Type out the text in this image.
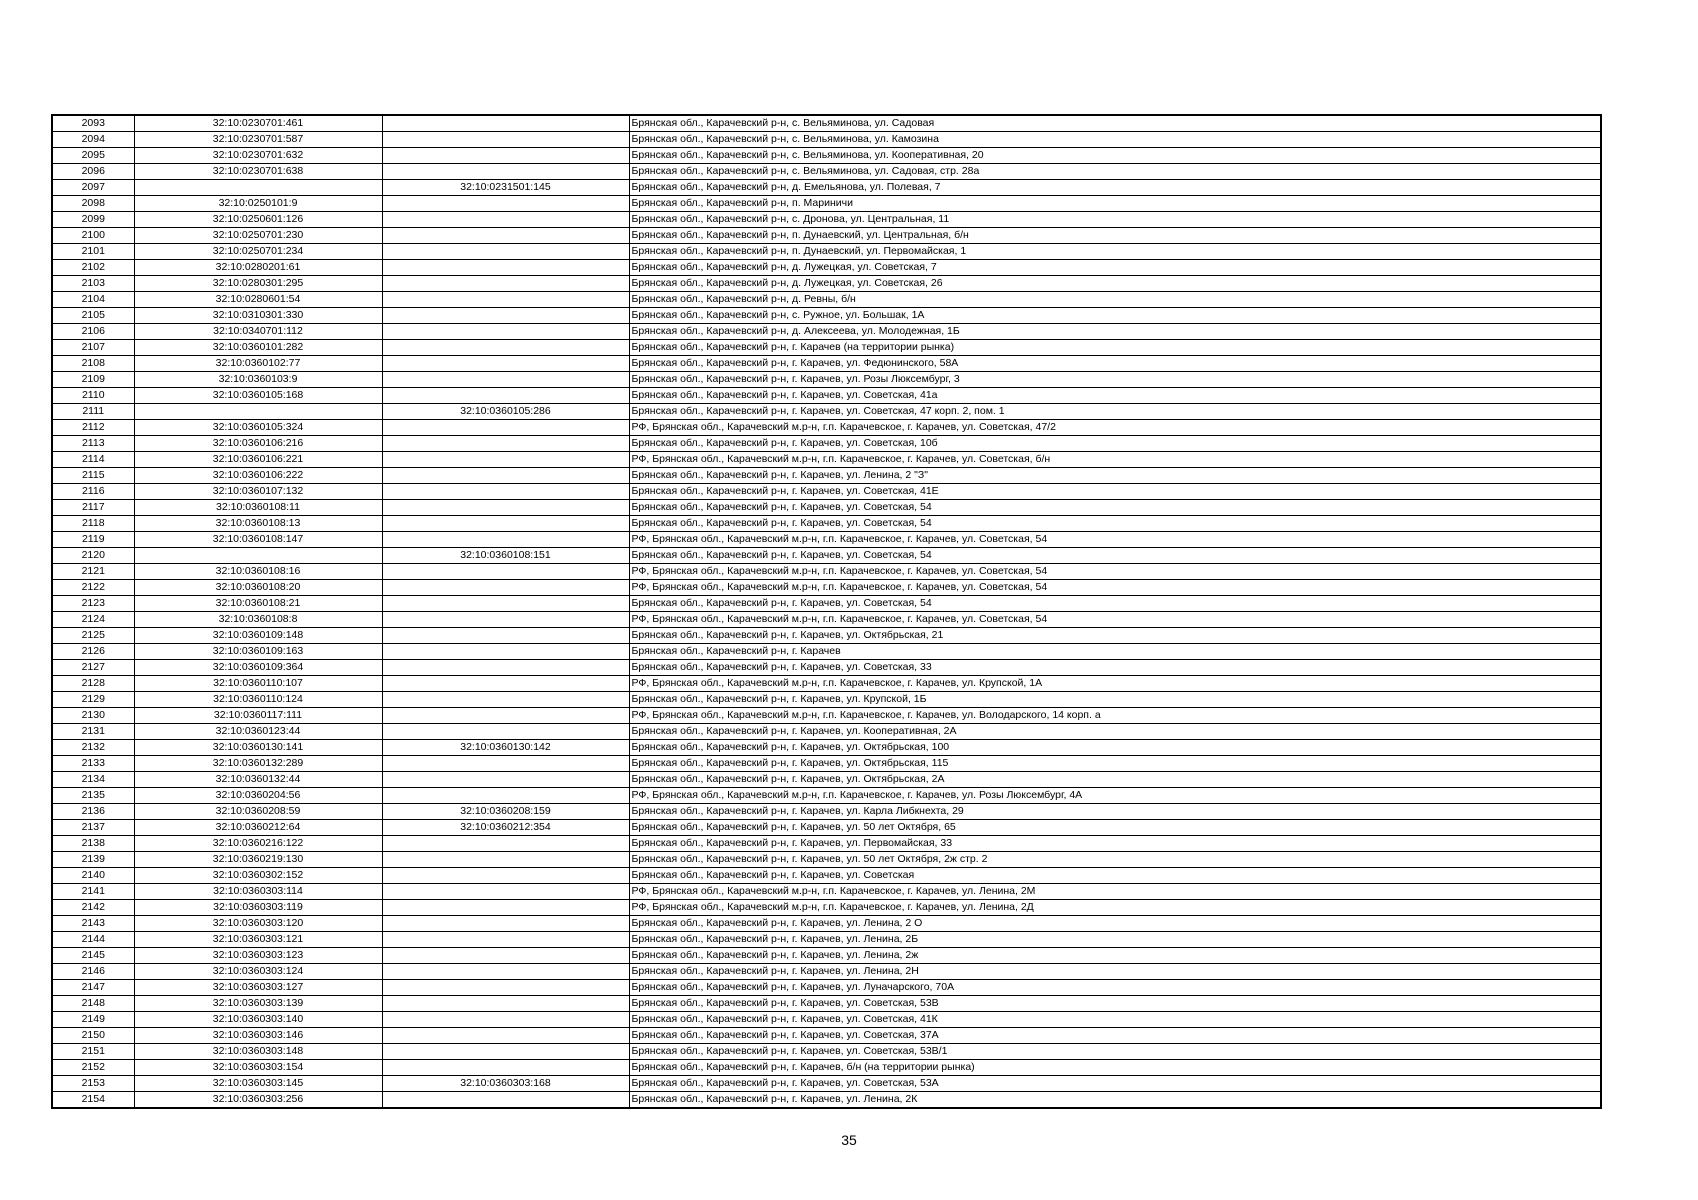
2093	32:10:0230701:461		Брянская обл., Карачевский р-н, с. Вельяминова, ул. Садовая
2094	32:10:0230701:587		Брянская обл., Карачевский р-н, с. Вельяминова, ул. Камозина
2095	32:10:0230701:632		Брянская обл., Карачевский р-н, с. Вельяминова, ул. Кооперативная, 20
2096	32:10:0230701:638		Брянская обл., Карачевский р-н, с. Вельяминова, ул. Садовая, стр. 28а
2097		32:10:0231501:145	Брянская обл., Карачевский р-н, д. Емельянова, ул. Полевая, 7
2098	32:10:0250101:9		Брянская обл., Карачевский р-н, п. Мариничи
2099	32:10:0250601:126		Брянская обл., Карачевский р-н, с. Дронова, ул. Центральная, 11
2100	32:10:0250701:230		Брянская обл., Карачевский р-н, п. Дунаевский, ул. Центральная, б/н
2101	32:10:0250701:234		Брянская обл., Карачевский р-н, п. Дунаевский, ул. Первомайская, 1
2102	32:10:0280201:61		Брянская обл., Карачевский р-н, д. Лужецкая, ул. Советская, 7
2103	32:10:0280301:295		Брянская обл., Карачевский р-н, д. Лужецкая, ул. Советская, 26
2104	32:10:0280601:54		Брянская обл., Карачевский р-н, д. Ревны, б/н
2105	32:10:0310301:330		Брянская обл., Карачевский р-н, с. Ружное, ул. Большак, 1А
2106	32:10:0340701:112		Брянская обл., Карачевский р-н, д. Алексеева, ул. Молодежная, 1Б
2107	32:10:0360101:282		Брянская обл., Карачевский р-н, г. Карачев (на территории рынка)
2108	32:10:0360102:77		Брянская обл., Карачевский р-н, г. Карачев, ул. Федюнинского, 58А
2109	32:10:0360103:9		Брянская обл., Карачевский р-н, г. Карачев, ул. Розы Люксембург, 3
2110	32:10:0360105:168		Брянская обл., Карачевский р-н, г. Карачев, ул. Советская, 41а
2111		32:10:0360105:286	Брянская обл., Карачевский р-н, г. Карачев, ул. Советская, 47 корп. 2, пом. 1
2112	32:10:0360105:324		РФ, Брянская обл., Карачевский м.р-н, г.п. Карачевское, г. Карачев, ул. Советская, 47/2
2113	32:10:0360106:216		Брянская обл., Карачевский р-н, г. Карачев, ул. Советская, 10б
2114	32:10:0360106:221		РФ, Брянская обл., Карачевский м.р-н, г.п. Карачевское, г. Карачев, ул. Советская, б/н
2115	32:10:0360106:222		Брянская обл., Карачевский р-н, г. Карачев, ул. Ленина, 2 "З"
2116	32:10:0360107:132		Брянская обл., Карачевский р-н, г. Карачев, ул. Советская, 41Е
2117	32:10:0360108:11		Брянская обл., Карачевский р-н, г. Карачев, ул. Советская, 54
2118	32:10:0360108:13		Брянская обл., Карачевский р-н, г. Карачев, ул. Советская, 54
2119	32:10:0360108:147		РФ, Брянская обл., Карачевский м.р-н, г.п. Карачевское, г. Карачев, ул. Советская, 54
2120		32:10:0360108:151	Брянская обл., Карачевский р-н, г. Карачев, ул. Советская, 54
2121	32:10:0360108:16		РФ, Брянская обл., Карачевский м.р-н, г.п. Карачевское, г. Карачев, ул. Советская, 54
2122	32:10:0360108:20		РФ, Брянская обл., Карачевский м.р-н, г.п. Карачевское, г. Карачев, ул. Советская, 54
2123	32:10:0360108:21		Брянская обл., Карачевский р-н, г. Карачев, ул. Советская, 54
2124	32:10:0360108:8		РФ, Брянская обл., Карачевский м.р-н, г.п. Карачевское, г. Карачев, ул. Советская, 54
2125	32:10:0360109:148		Брянская обл., Карачевский р-н, г. Карачев, ул. Октябрьская, 21
2126	32:10:0360109:163		Брянская обл., Карачевский р-н, г. Карачев
2127	32:10:0360109:364		Брянская обл., Карачевский р-н, г. Карачев, ул. Советская, 33
2128	32:10:0360110:107		РФ, Брянская обл., Карачевский м.р-н, г.п. Карачевское, г. Карачев, ул. Крупской, 1А
2129	32:10:0360110:124		Брянская обл., Карачевский р-н, г. Карачев, ул. Крупской, 1Б
2130	32:10:0360117:111		РФ, Брянская обл., Карачевский м.р-н, г.п. Карачевское, г. Карачев, ул. Володарского, 14 корп. а
2131	32:10:0360123:44		Брянская обл., Карачевский р-н, г. Карачев, ул. Кооперативная, 2А
2132	32:10:0360130:141	32:10:0360130:142	Брянская обл., Карачевский р-н, г. Карачев, ул. Октябрьская, 100
2133	32:10:0360132:289		Брянская обл., Карачевский р-н, г. Карачев, ул. Октябрьская, 115
2134	32:10:0360132:44		Брянская обл., Карачевский р-н, г. Карачев, ул. Октябрьская, 2А
2135	32:10:0360204:56		РФ, Брянская обл., Карачевский м.р-н, г.п. Карачевское, г. Карачев, ул. Розы Люксембург, 4А
2136	32:10:0360208:59	32:10:0360208:159	Брянская обл., Карачевский р-н, г. Карачев, ул. Карла Либкнехта, 29
2137	32:10:0360212:64	32:10:0360212:354	Брянская обл., Карачевский р-н, г. Карачев, ул. 50 лет Октября, 65
2138	32:10:0360216:122		Брянская обл., Карачевский р-н, г. Карачев, ул. Первомайская, 33
2139	32:10:0360219:130		Брянская обл., Карачевский р-н, г. Карачев, ул. 50 лет Октября, 2ж стр. 2
2140	32:10:0360302:152		Брянская обл., Карачевский р-н, г. Карачев, ул. Советская
2141	32:10:0360303:114		РФ, Брянская обл., Карачевский м.р-н, г.п. Карачевское, г. Карачев, ул. Ленина, 2М
2142	32:10:0360303:119		РФ, Брянская обл., Карачевский м.р-н, г.п. Карачевское, г. Карачев, ул. Ленина, 2Д
2143	32:10:0360303:120		Брянская обл., Карачевский р-н, г. Карачев, ул. Ленина, 2 О
2144	32:10:0360303:121		Брянская обл., Карачевский р-н, г. Карачев, ул. Ленина, 2Б
2145	32:10:0360303:123		Брянская обл., Карачевский р-н, г. Карачев, ул. Ленина, 2ж
2146	32:10:0360303:124		Брянская обл., Карачевский р-н, г. Карачев, ул. Ленина, 2Н
2147	32:10:0360303:127		Брянская обл., Карачевский р-н, г. Карачев, ул. Луначарского, 70А
2148	32:10:0360303:139		Брянская обл., Карачевский р-н, г. Карачев, ул. Советская, 53В
2149	32:10:0360303:140		Брянская обл., Карачевский р-н, г. Карачев, ул. Советская, 41К
2150	32:10:0360303:146		Брянская обл., Карачевский р-н, г. Карачев, ул. Советская, 37А
2151	32:10:0360303:148		Брянская обл., Карачевский р-н, г. Карачев, ул. Советская, 53В/1
2152	32:10:0360303:154		Брянская обл., Карачевский р-н, г. Карачев, б/н (на территории рынка)
2153	32:10:0360303:145	32:10:0360303:168	Брянская обл., Карачевский р-н, г. Карачев, ул. Советская, 53А
2154	32:10:0360303:256		Брянская обл., Карачевский р-н, г. Карачев, ул. Ленина, 2К
35
